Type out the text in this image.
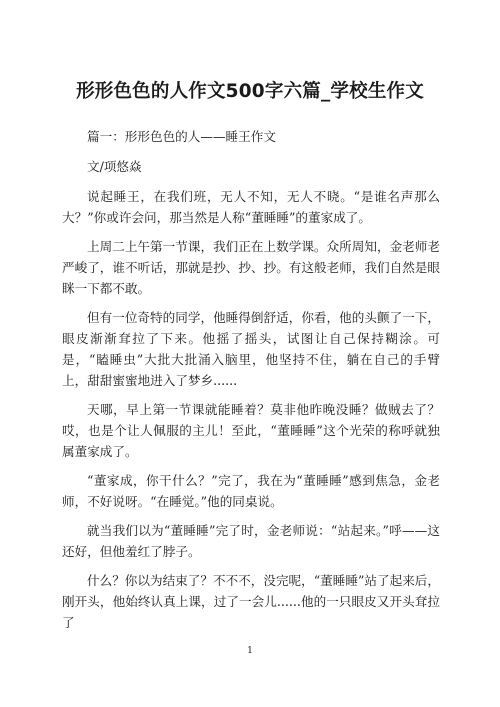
形形色色的人作文500字六篇_学校生作文

篇一：形形色色的人——睡王作文

文/项悠焱

说起睡王，在我们班，无人不知，无人不晓。“是谁名声那么大？”你或许会问，那当然是人称“董睡睡”的董家成了。

上周二上午第一节课，我们正在上数学课。众所周知，金老师老严峻了，谁不听话，那就是抄、抄、抄。有这般老师，我们自然是眼眯一下都不敢。

但有一位奇特的同学，他睡得倒舒适，你看，他的头颤了一下，眼皮渐渐耷拉了下来。他摇了摇头，试图让自己保持糊涂。可是，“瞌睡虫”大批大批涌入脑里，他坚持不住，躺在自己的手臂上，甜甜蜜蜜地进入了梦乡......

天哪，早上第一节课就能睡着？莫非他昨晚没睡？做贼去了？哎，也是个让人佩服的主儿！至此，“董睡睡”这个光荣的称呼就独属董家成了。

“董家成，你干什么？”完了，我在为“董睡睡”感到焦急，金老师，不好说呀。“在睡觉。”他的同桌说。

就当我们以为“董睡睡”完了时，金老师说：“站起来。”呼——这还好，但他羞红了脖子。

什么？你以为结束了？不不不，没完呢，“董睡睡”站了起来后，刚开头，他始终认真上课，过了一会儿......他的一只眼皮又开头耷拉了

1
